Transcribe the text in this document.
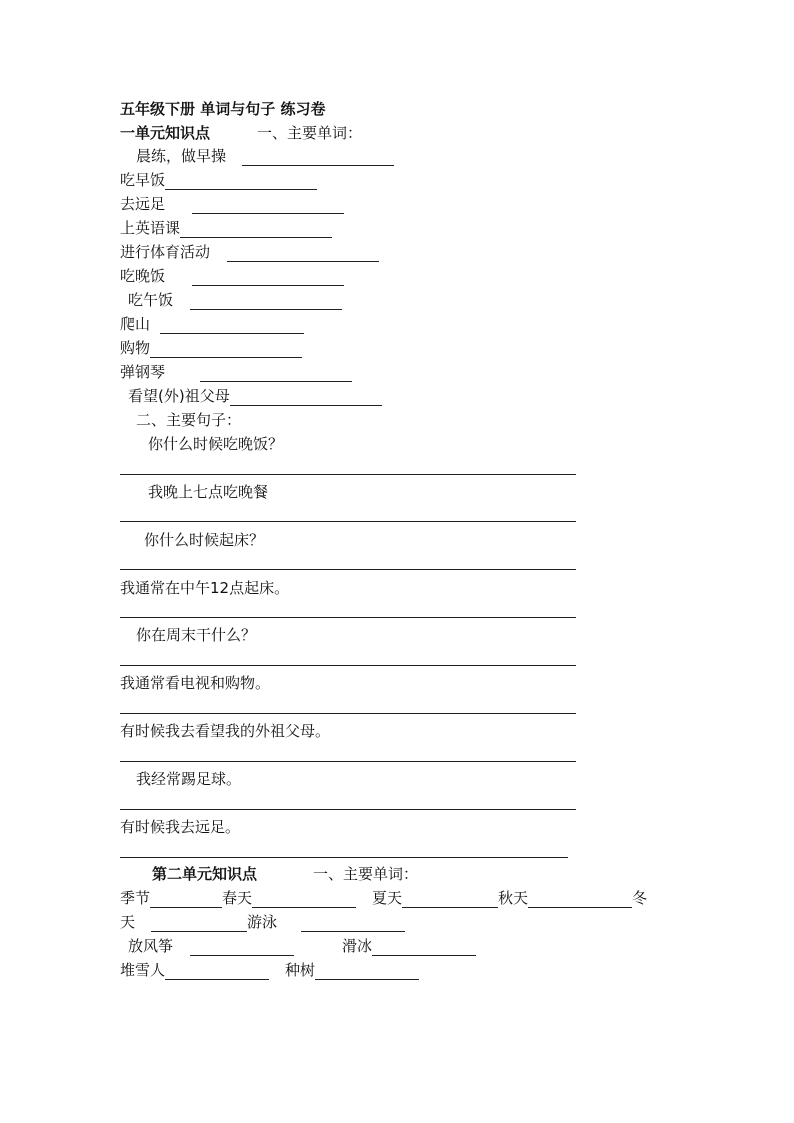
五年级下册 单词与句子 练习卷
一单元知识点	一、主要单词：
晨练，做早操
吃早饭
去远足
上英语课
进行体育活动
吃晚饭
吃午饭
爬山
购物
弹钢琴
看望(外)祖父母
二、主要句子：
你什么时候吃晚饭？
我晚上七点吃晚餐
你什么时候起床？
我通常在中午12点起床。
你在周末干什么？
我通常看电视和购物。
有时候我去看望我的外祖父母。
我经常踢足球。
有时候我去远足。
第二单元知识点	一、主要单词：
季节	春天	夏天	秋天	冬
天	游泳
放风筝	滑冰
堆雪人	种树
